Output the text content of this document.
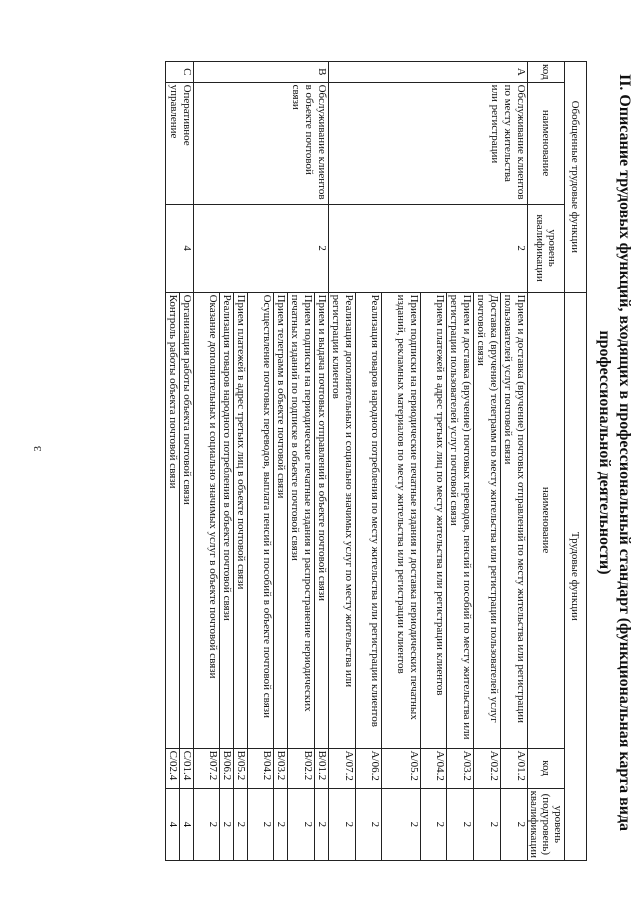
3	II. Описание трудовых функций, входящих в профессиональный стандарт (функциональная карта вида
профессиональной деятельности)
Обобщенные трудовые функции			Трудовые функции		
код	наименование	уровень квалификации	наименование	код	уровень (подуровень) квалификации
A	Обслуживание клиентов по месту жительства или регистрации	2	Прием и доставка (вручение) почтовых отправлений по месту жительства или регистрации пользователей услуг почтовой связи	A/01.2	2
			Доставка (вручение) телеграмм по месту жительства или регистрации пользователей услуг почтовой связи	A/02.2	2
			Прием и доставка (вручение) почтовых переводов, пенсий и пособий по месту жительства или регистрации пользователей услуг почтовой связи	A/03.2	2
			Прием платежей в адрес третьих лиц по месту жительства или регистрации клиентов	A/04.2	2
			Прием подписки на периодические печатные издания и доставка периодических печатных изданий, рекламных материалов по месту жительства или регистрации клиентов	A/05.2	2
			Реализация товаров народного потребления по месту жительства или регистрации клиентов	A/06.2	2
			Реализация дополнительных и социально значимых услуг по месту жительства или регистрации клиентов	A/07.2	2
B	Обслуживание клиентов в объекте почтовой связи	2	Прием и выдача почтовых отправлений в объекте почтовой связи	B/01.2	2
			Прием подписки на периодические печатные издания и распространение периодических печатных изданий по подписке в объекте почтовой связи	B/02.2	2
			Прием телеграмм в объекте почтовой связи	B/03.2	2
			Осуществление почтовых переводов, выплата пенсий и пособий в объекте почтовой связи	B/04.2	2
			Прием платежей в адрес третьих лиц в объекте почтовой связи	B/05.2	2
			Реализация товаров народного потребления в объекте почтовой связи	B/06.2	2
			Оказание дополнительных и социально значимых услуг в объекте почтовой связи	B/07.2	2
C	Оперативное управление	4	Организация работы объекта почтовой связи	C/01.4	4
			Контроль работы объекта почтовой связи	C/02.4	4
